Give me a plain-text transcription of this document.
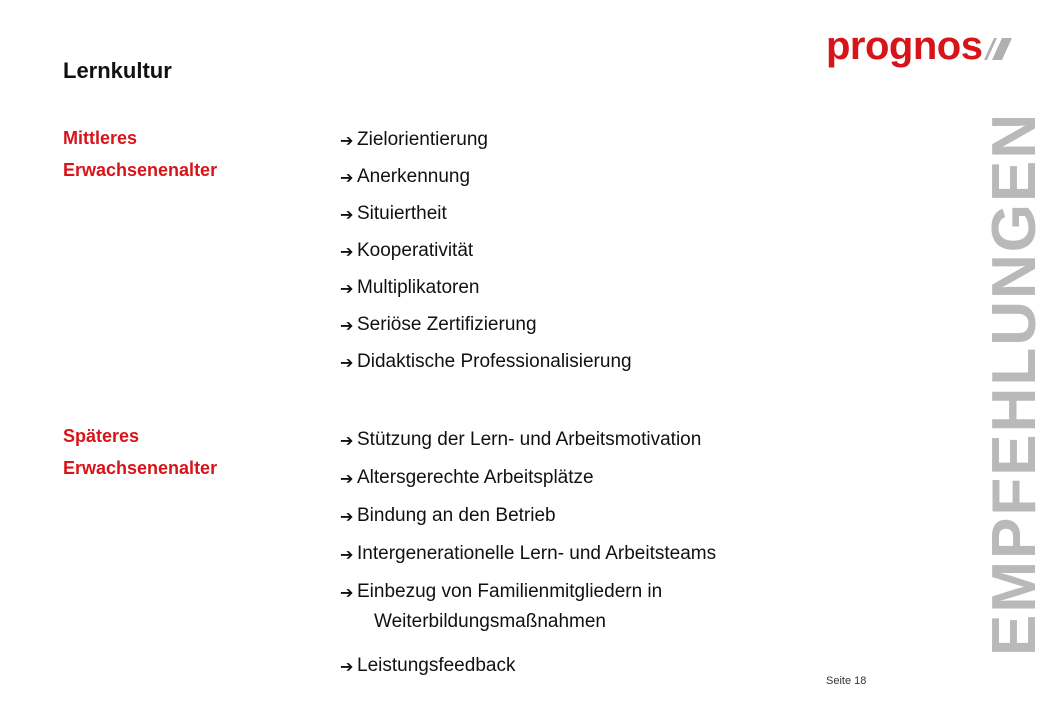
Lernkultur
prognos
Mittleres
Erwachsenenalter
➔ Zielorientierung
➔ Anerkennung
➔ Situiertheit
➔ Kooperativität
➔ Multiplikatoren
➔ Seriöse Zertifizierung
➔ Didaktische Professionalisierung
Späteres
Erwachsenenalter
➔ Stützung der Lern- und Arbeitsmotivation
➔ Altersgerechte Arbeitsplätze
➔ Bindung an den Betrieb
➔ Intergenerationelle Lern- und Arbeitsteams
➔ Einbezug von Familienmitgliedern in
Weiterbildungsmaßnahmen
➔ Leistungsfeedback
EMPFEHLUNGEN
Seite 18
